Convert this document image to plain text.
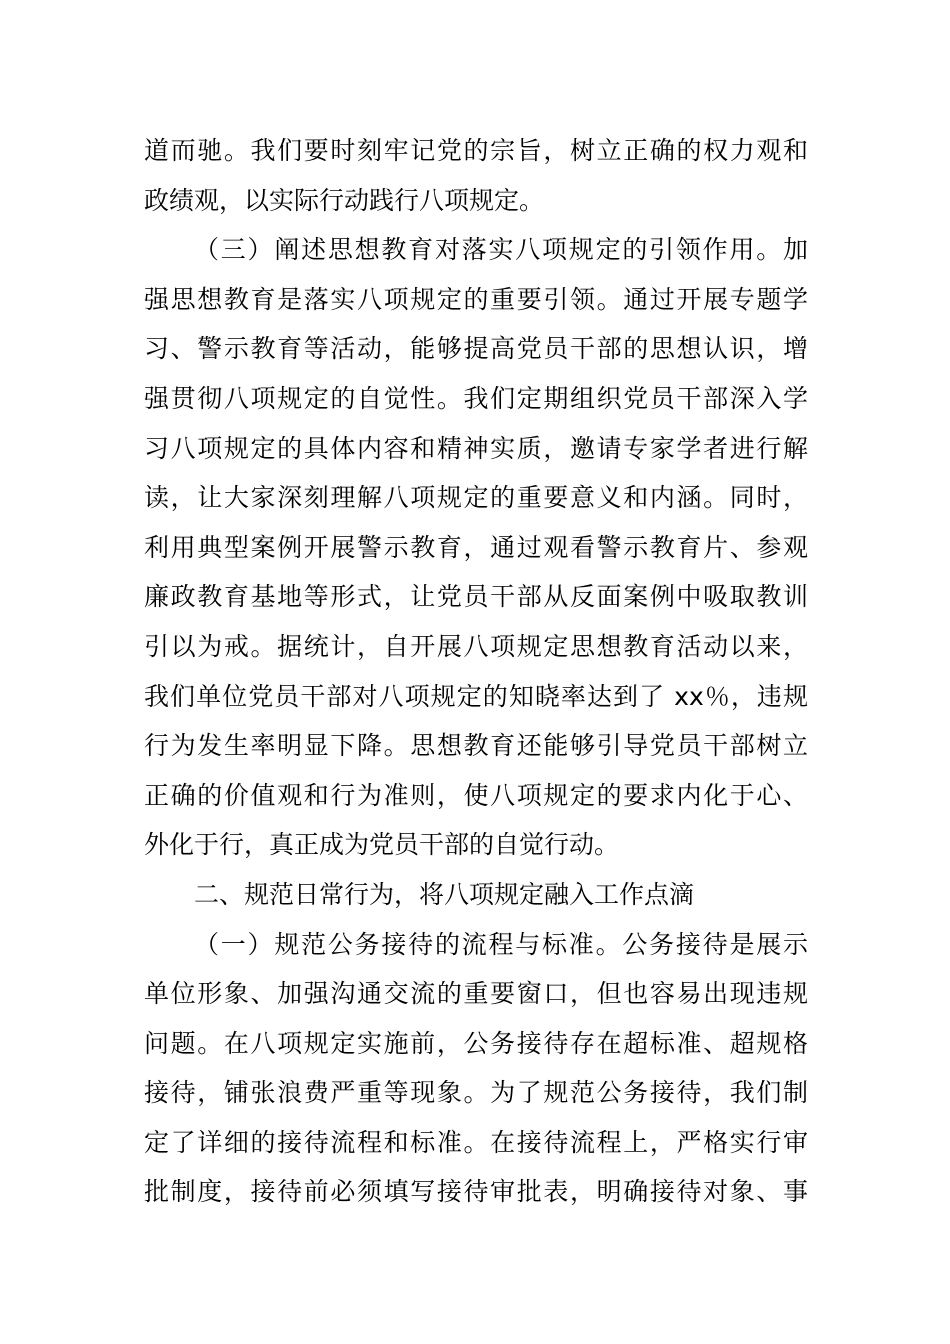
道而驰。我们要时刻牢记党的宗旨，树立正确的权力观和
政绩观，以实际行动践行八项规定。
（三）阐述思想教育对落实八项规定的引领作用。加
强思想教育是落实八项规定的重要引领。通过开展专题学
习、警示教育等活动，能够提高党员干部的思想认识，增
强贯彻八项规定的自觉性。我们定期组织党员干部深入学
习八项规定的具体内容和精神实质，邀请专家学者进行解
读，让大家深刻理解八项规定的重要意义和内涵。同时，
利用典型案例开展警示教育，通过观看警示教育片、参观
廉政教育基地等形式，让党员干部从反面案例中吸取教训
引以为戒。据统计，自开展八项规定思想教育活动以来，
我们单位党员干部对八项规定的知晓率达到了 xx％，违规
行为发生率明显下降。思想教育还能够引导党员干部树立
正确的价值观和行为准则，使八项规定的要求内化于心、
外化于行，真正成为党员干部的自觉行动。
二、规范日常行为，将八项规定融入工作点滴
（一）规范公务接待的流程与标准。公务接待是展示
单位形象、加强沟通交流的重要窗口，但也容易出现违规
问题。在八项规定实施前，公务接待存在超标准、超规格
接待，铺张浪费严重等现象。为了规范公务接待，我们制
定了详细的接待流程和标准。在接待流程上，严格实行审
批制度，接待前必须填写接待审批表，明确接待对象、事
